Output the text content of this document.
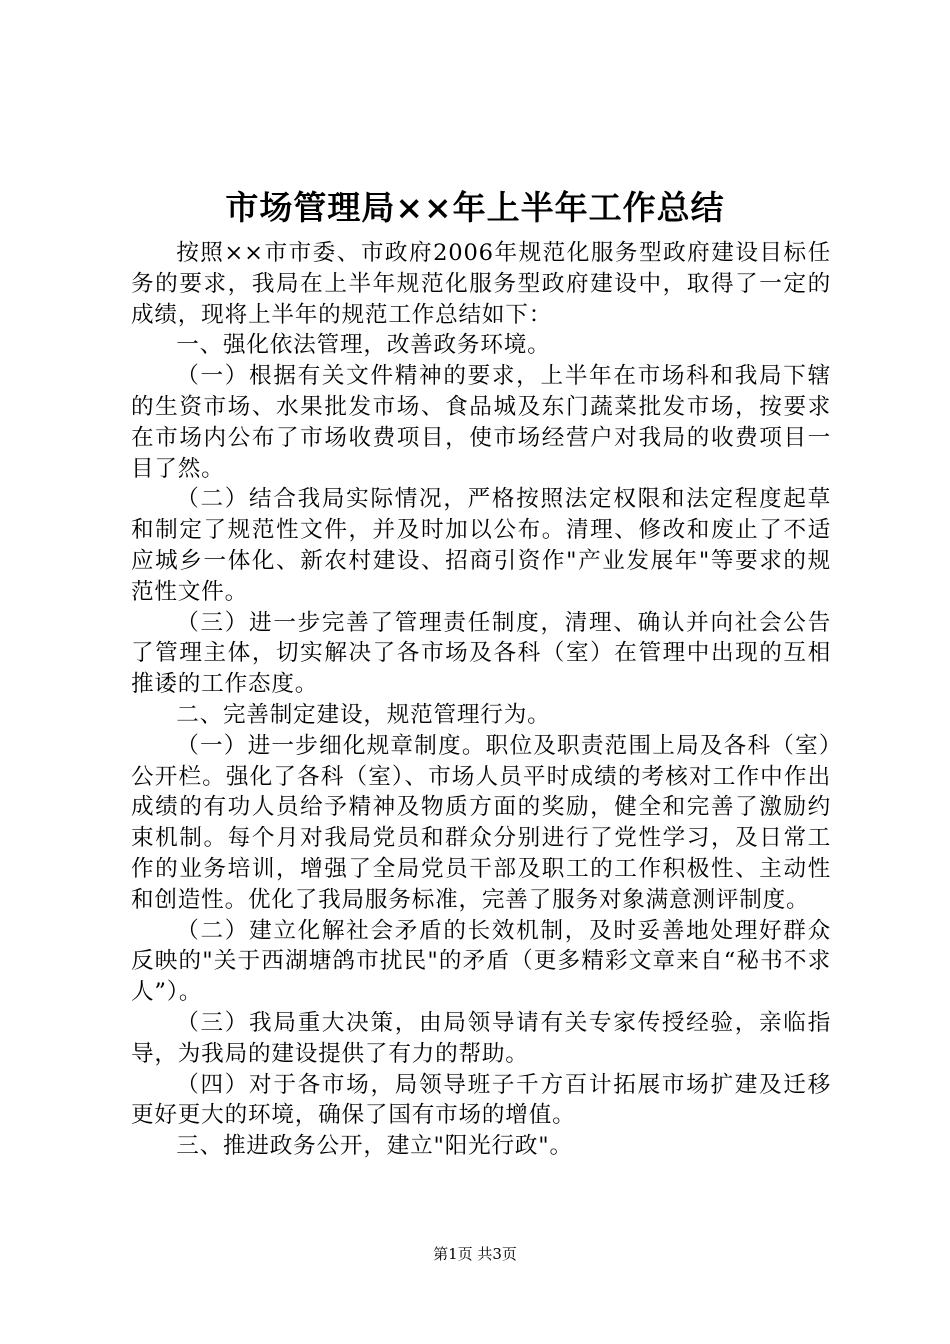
市场管理局××年上半年工作总结

按照××市市委、市政府2006年规范化服务型政府建设目标任务的要求，我局在上半年规范化服务型政府建设中，取得了一定的成绩，现将上半年的规范工作总结如下：

一、强化依法管理，改善政务环境。

（一）根据有关文件精神的要求，上半年在市场科和我局下辖的生资市场、水果批发市场、食品城及东门蔬菜批发市场，按要求在市场内公布了市场收费项目，使市场经营户对我局的收费项目一目了然。

（二）结合我局实际情况，严格按照法定权限和法定程度起草和制定了规范性文件，并及时加以公布。清理、修改和废止了不适应城乡一体化、新农村建设、招商引资作"产业发展年"等要求的规范性文件。

（三）进一步完善了管理责任制度，清理、确认并向社会公告了管理主体，切实解决了各市场及各科（室）在管理中出现的互相推诿的工作态度。

二、完善制定建设，规范管理行为。

（一）进一步细化规章制度。职位及职责范围上局及各科（室）公开栏。强化了各科（室）、市场人员平时成绩的考核对工作中作出成绩的有功人员给予精神及物质方面的奖励，健全和完善了激励约束机制。每个月对我局党员和群众分别进行了党性学习，及日常工作的业务培训，增强了全局党员干部及职工的工作积极性、主动性和创造性。优化了我局服务标准，完善了服务对象满意测评制度。

（二）建立化解社会矛盾的长效机制，及时妥善地处理好群众反映的"关于西湖塘鸽市扰民"的矛盾（更多精彩文章来自“秘书不求人”）。

（三）我局重大决策，由局领导请有关专家传授经验，亲临指导，为我局的建设提供了有力的帮助。

（四）对于各市场，局领导班子千方百计拓展市场扩建及迁移更好更大的环境，确保了国有市场的增值。

三、推进政务公开，建立"阳光行政"。

第1页 共3页
